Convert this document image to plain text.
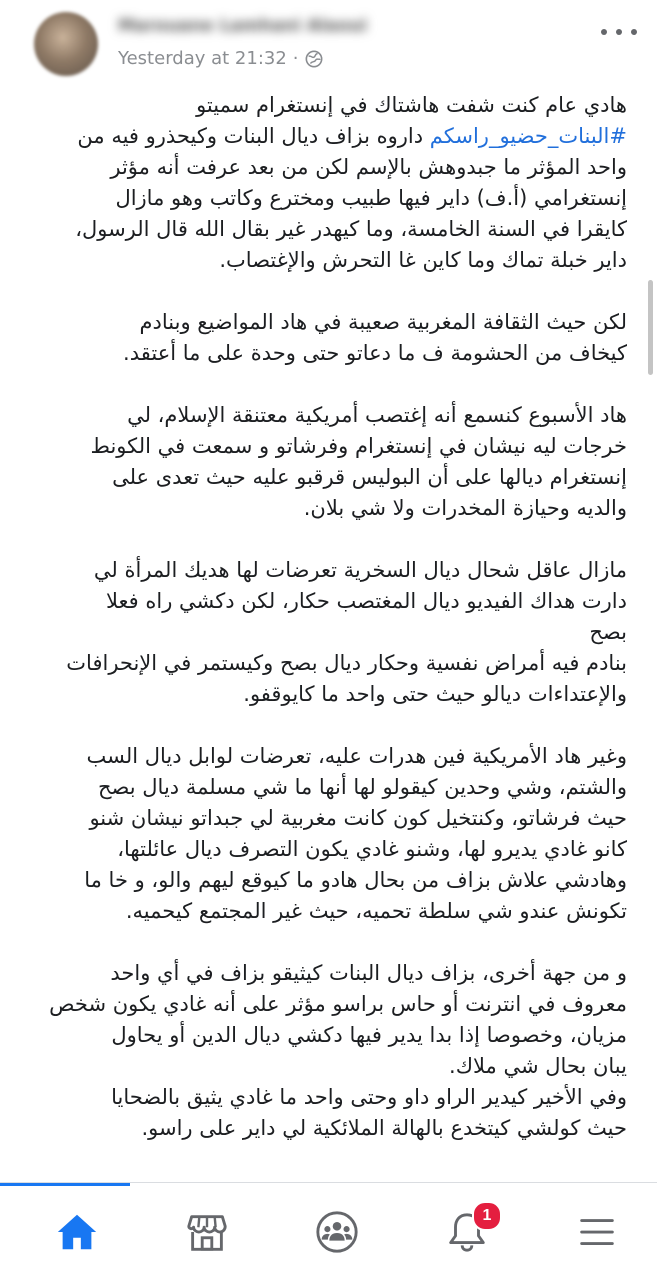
Marouane Lamhani Alaoui
Yesterday at 21:32 ·

هادي عام كنت شفت هاشتاك في إنستغرام سميتو
#البنات_حضيو_راسكم داروه بزاف ديال البنات وكيحذرو فيه من
واحد المؤثر ما جبدوهش بالإسم لكن من بعد عرفت أنه مؤثر
إنستغرامي (أ.ف) داير فيها طبيب ومخترع وكاتب وهو مازال
كايقرا في السنة الخامسة، وما كيهدر غير بقال الله قال الرسول،
داير خبلة تماك وما كاين غا التحرش والإغتصاب.

لكن حيث الثقافة المغربية صعيبة في هاد المواضيع وبنادم
كيخاف من الحشومة ف ما دعاتو حتى وحدة على ما أعتقد.

هاد الأسبوع كنسمع أنه إغتصب أمريكية معتنقة الإسلام، لي
خرجات ليه نيشان في إنستغرام وفرشاتو و سمعت في الكونط
إنستغرام ديالها على أن البوليس قرقبو عليه حيث تعدى على
والديه وحيازة المخدرات ولا شي بلان.

مازال عاقل شحال ديال السخرية تعرضات لها هديك المرأة لي
دارت هداك الفيديو ديال المغتصب حكار، لكن دكشي راه فعلا
بصح
بنادم فيه أمراض نفسية وحكار ديال بصح وكيستمر في الإنحرافات
والإعتداءات ديالو حيث حتى واحد ما كايوقفو.

وغير هاد الأمريكية فين هدرات عليه، تعرضات لوابل ديال السب
والشتم، وشي وحدين كيقولو لها أنها ما شي مسلمة ديال بصح
حيث فرشاتو، وكنتخيل كون كانت مغربية لي جبداتو نيشان شنو
كانو غادي يديرو لها، وشنو غادي يكون التصرف ديال عائلتها،
وهادشي علاش بزاف من بحال هادو ما كيوقع ليهم والو، و خا ما
تكونش عندو شي سلطة تحميه، حيث غير المجتمع كيحميه.

و من جهة أخرى، بزاف ديال البنات كيثيقو بزاف في أي واحد
معروف في انترنت أو حاس براسو مؤثر على أنه غادي يكون شخص
مزيان، وخصوصا إذا بدا يدير فيها دكشي ديال الدين أو يحاول
يبان بحال شي ملاك.
وفي الأخير كيدير الراو داو وحتى واحد ما غادي يثيق بالضحايا
حيث كولشي كيتخدع بالهالة الملائكية لي داير على راسو.

1
